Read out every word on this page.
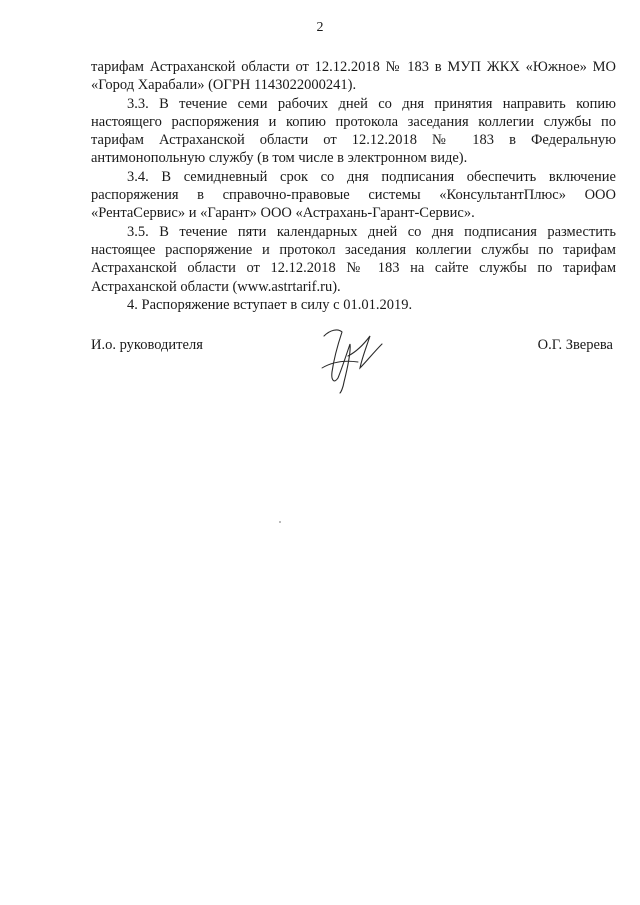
2

тарифам Астраханской области от 12.12.2018 № 183 в МУП ЖКХ «Южное» МО «Город Харабали» (ОГРН 1143022000241).

3.3. В течение семи рабочих дней со дня принятия направить копию настоящего распоряжения и копию протокола заседания коллегии службы по тарифам Астраханской области от 12.12.2018 № 183 в Федеральную антимонопольную службу (в том числе в электронном виде).

3.4. В семидневный срок со дня подписания обеспечить включение распоряжения в справочно-правовые системы «КонсультантПлюс» ООО «РентаСервис» и «Гарант» ООО «Астрахань-Гарант-Сервис».

3.5. В течение пяти календарных дней со дня подписания разместить настоящее распоряжение и протокол заседания коллегии службы по тарифам Астраханской области от 12.12.2018 № 183 на сайте службы по тарифам Астраханской области (www.astrtarif.ru).

4. Распоряжение вступает в силу с 01.01.2019.

И.о. руководителя	О.Г. Зверева
